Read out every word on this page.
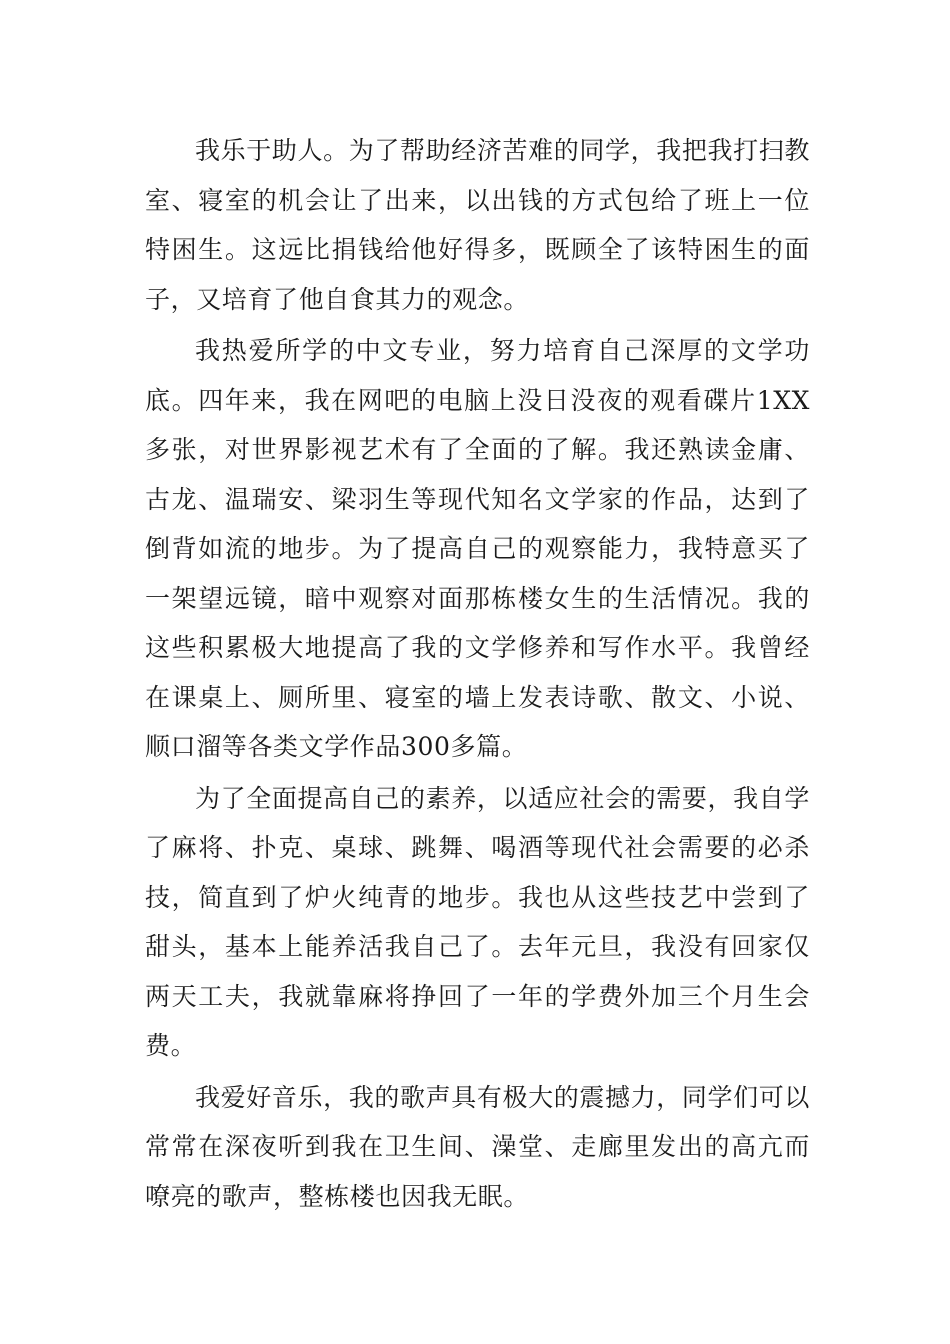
我乐于助人。为了帮助经济苦难的同学，我把我打扫教室、寝室的机会让了出来，以出钱的方式包给了班上一位特困生。这远比捐钱给他好得多，既顾全了该特困生的面子，又培育了他自食其力的观念。

我热爱所学的中文专业，努力培育自己深厚的文学功底。四年来，我在网吧的电脑上没日没夜的观看碟片1XX多张，对世界影视艺术有了全面的了解。我还熟读金庸、古龙、温瑞安、梁羽生等现代知名文学家的作品，达到了倒背如流的地步。为了提高自己的观察能力，我特意买了一架望远镜，暗中观察对面那栋楼女生的生活情况。我的这些积累极大地提高了我的文学修养和写作水平。我曾经在课桌上、厕所里、寝室的墙上发表诗歌、散文、小说、顺口溜等各类文学作品300多篇。

为了全面提高自己的素养，以适应社会的需要，我自学了麻将、扑克、桌球、跳舞、喝酒等现代社会需要的必杀技，简直到了炉火纯青的地步。我也从这些技艺中尝到了甜头，基本上能养活我自己了。去年元旦，我没有回家仅两天工夫，我就靠麻将挣回了一年的学费外加三个月生会费。

我爱好音乐，我的歌声具有极大的震撼力，同学们可以常常在深夜听到我在卫生间、澡堂、走廊里发出的高亢而嘹亮的歌声，整栋楼也因我无眠。
